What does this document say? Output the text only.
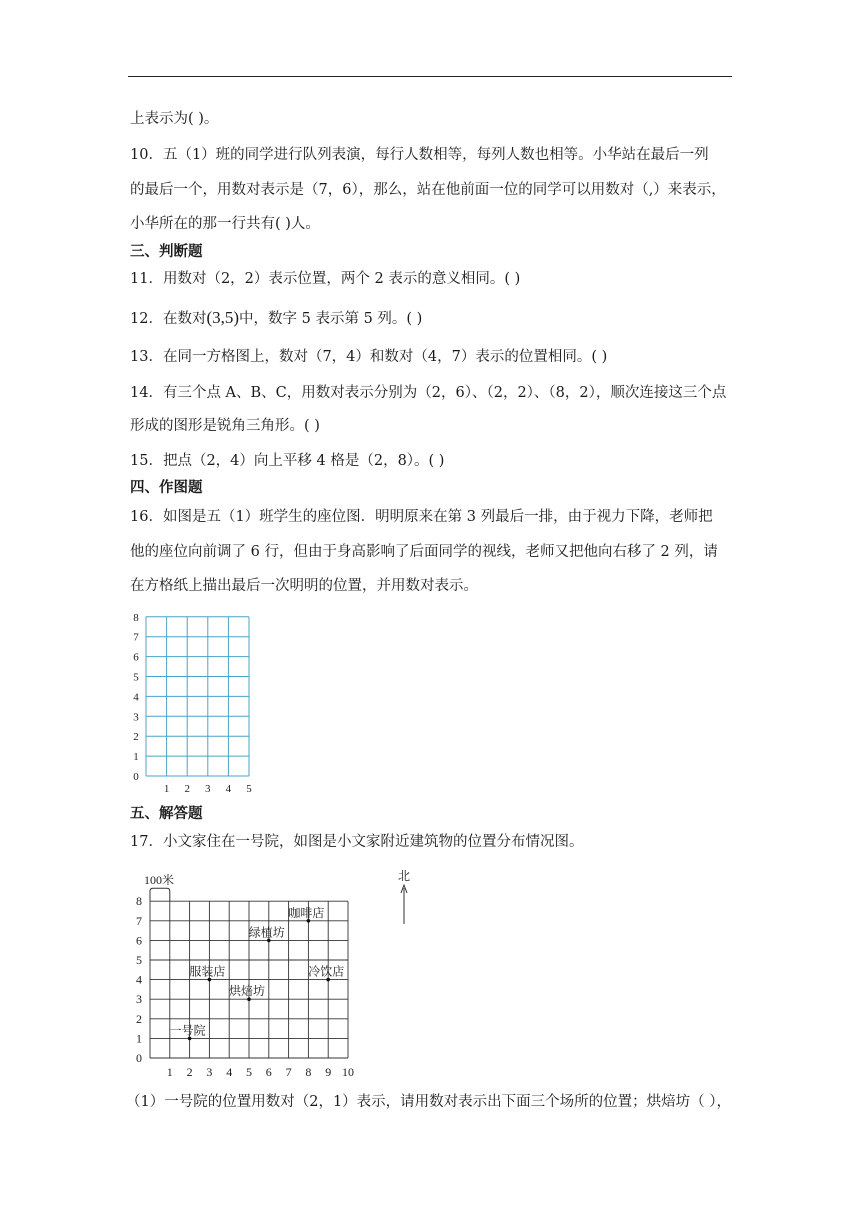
上表示为( )。
10．五（1）班的同学进行队列表演，每行人数相等，每列人数也相等。小华站在最后一列
的最后一个，用数对表示是（7，6），那么，站在他前面一位的同学可以用数对（,）来表示，
小华所在的那一行共有( )人。
三、判断题
11．用数对（2，2）表示位置，两个 2 表示的意义相同。( )
12．在数对(3,5)中，数字 5 表示第 5 列。( )
13．在同一方格图上，数对（7，4）和数对（4，7）表示的位置相同。( )
14．有三个点 A、B、C，用数对表示分别为（2，6）、（2，2）、（8，2），顺次连接这三个点
形成的图形是锐角三角形。( )
15．把点（2，4）向上平移 4 格是（2，8）。( )
四、作图题
16．如图是五（1）班学生的座位图．明明原来在第 3 列最后一排，由于视力下降，老师把
他的座位向前调了 6 行，但由于身高影响了后面同学的视线，老师又把他向右移了 2 列，请
在方格纸上描出最后一次明明的位置，并用数对表示。
0
1
2
3
4
5
6
7
8
1 2 3 4 5
五、解答题
17．小文家住在一号院，如图是小文家附近建筑物的位置分布情况图。
0
1
2
3
4
5
6
7
8
1 2 3 4 5 6 7 8 9 10
100米	北
一号院
烘焙坊
服装店	冷饮店
绿植坊
咖啡店
（1）一号院的位置用数对（2，1）表示，请用数对表示出下面三个场所的位置；烘焙坊（ ），
